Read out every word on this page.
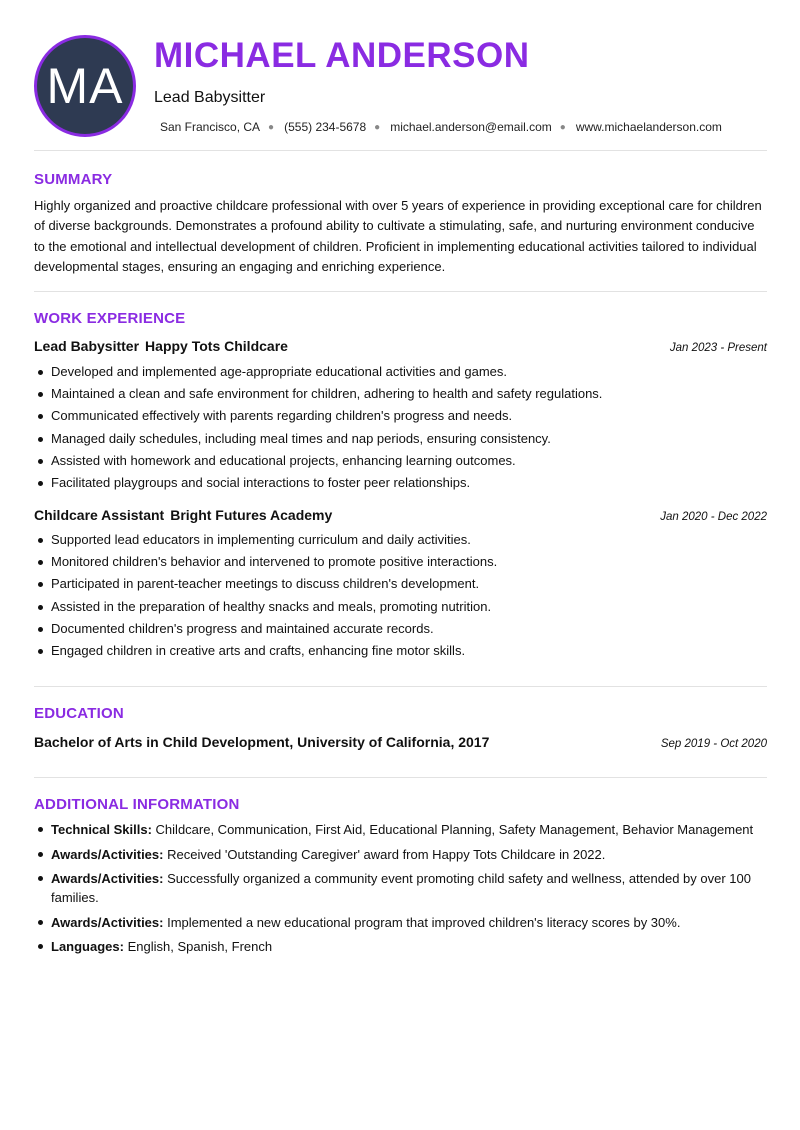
MA
MICHAEL ANDERSON
Lead Babysitter
San Francisco, CA ● (555) 234-5678 ● michael.anderson@email.com ● www.michaelanderson.com
SUMMARY

Highly organized and proactive childcare professional with over 5 years of experience in providing exceptional care for children of diverse backgrounds. Demonstrates a profound ability to cultivate a stimulating, safe, and nurturing environment conducive to the emotional and intellectual development of children. Proficient in implementing educational activities tailored to individual developmental stages, ensuring an engaging and enriching experience.

WORK EXPERIENCE
Lead Babysitter Happy Tots Childcare	Jan 2023 - Present
Developed and implemented age-appropriate educational activities and games.
Maintained a clean and safe environment for children, adhering to health and safety regulations.
Communicated effectively with parents regarding children's progress and needs.
Managed daily schedules, including meal times and nap periods, ensuring consistency.
Assisted with homework and educational projects, enhancing learning outcomes.
Facilitated playgroups and social interactions to foster peer relationships.
Childcare Assistant Bright Futures Academy	Jan 2020 - Dec 2022
Supported lead educators in implementing curriculum and daily activities.
Monitored children's behavior and intervened to promote positive interactions.
Participated in parent-teacher meetings to discuss children's development.
Assisted in the preparation of healthy snacks and meals, promoting nutrition.
Documented children's progress and maintained accurate records.
Engaged children in creative arts and crafts, enhancing fine motor skills.
EDUCATION
Bachelor of Arts in Child Development, University of California, 2017	Sep 2019 - Oct 2020
ADDITIONAL INFORMATION
Technical Skills: Childcare, Communication, First Aid, Educational Planning, Safety Management, Behavior Management
Awards/Activities: Received 'Outstanding Caregiver' award from Happy Tots Childcare in 2022.
Awards/Activities: Successfully organized a community event promoting child safety and wellness, attended by over 100 families.
Awards/Activities: Implemented a new educational program that improved children's literacy scores by 30%.
Languages: English, Spanish, French
